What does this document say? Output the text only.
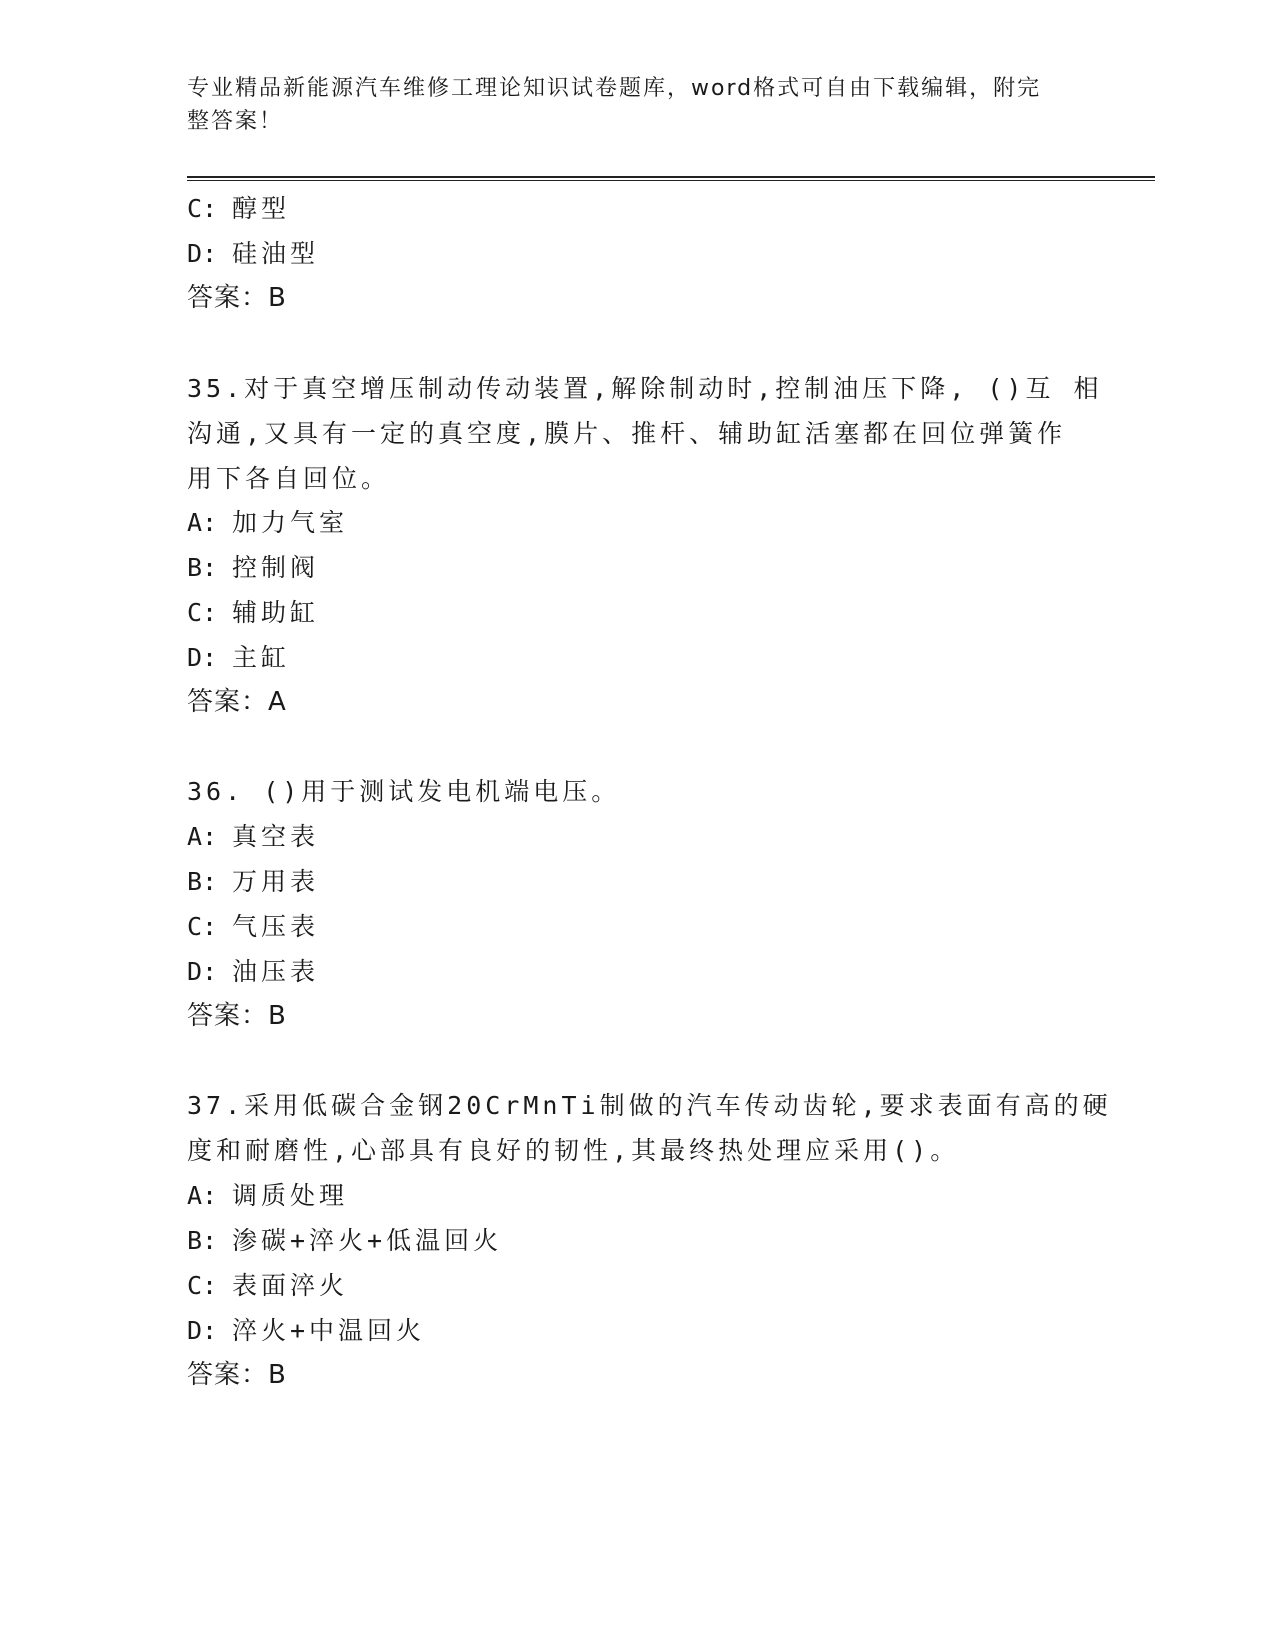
专业精品新能源汽车维修工理论知识试卷题库，word格式可自由下载编辑，附完
整答案！
C: 醇型
D: 硅油型
答案：B
35.对于真空增压制动传动装置,解除制动时,控制油压下降, ()互 相
沟通,又具有一定的真空度,膜片、推杆、辅助缸活塞都在回位弹簧作
用下各自回位。
A: 加力气室
B: 控制阀
C: 辅助缸
D: 主缸
答案：A
36. ()用于测试发电机端电压。
A: 真空表
B: 万用表
C: 气压表
D: 油压表
答案：B
37.采用低碳合金钢20CrMnTi制做的汽车传动齿轮,要求表面有高的硬
度和耐磨性,心部具有良好的韧性,其最终热处理应采用()。
A: 调质处理
B: 渗碳+淬火+低温回火
C: 表面淬火
D: 淬火+中温回火
答案：B
